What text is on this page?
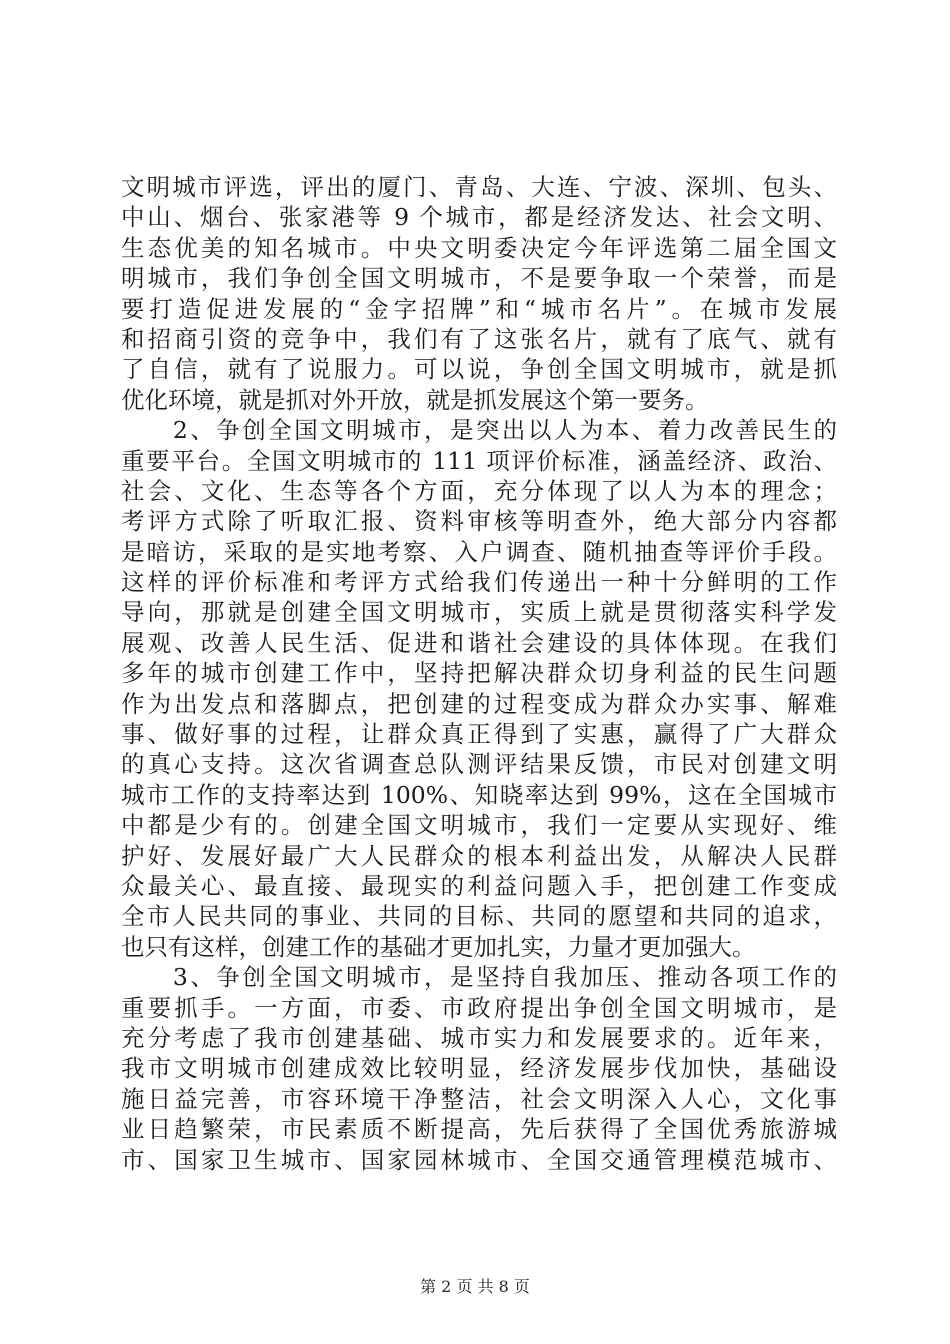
文明城市评选，评出的厦门、青岛、大连、宁波、深圳、包头、
中山、烟台、张家港等 9 个城市，都是经济发达、社会文明、
生态优美的知名城市。中央文明委决定今年评选第二届全国文
明城市，我们争创全国文明城市，不是要争取一个荣誉，而是
要打造促进发展的“金字招牌”和“城市名片”。在城市发展
和招商引资的竞争中，我们有了这张名片，就有了底气、就有
了自信，就有了说服力。可以说，争创全国文明城市，就是抓
优化环境，就是抓对外开放，就是抓发展这个第一要务。
　　2、争创全国文明城市，是突出以人为本、着力改善民生的
重要平台。全国文明城市的 111 项评价标准，涵盖经济、政治、
社会、文化、生态等各个方面，充分体现了以人为本的理念；
考评方式除了听取汇报、资料审核等明查外，绝大部分内容都
是暗访，采取的是实地考察、入户调查、随机抽查等评价手段。
这样的评价标准和考评方式给我们传递出一种十分鲜明的工作
导向，那就是创建全国文明城市，实质上就是贯彻落实科学发
展观、改善人民生活、促进和谐社会建设的具体体现。在我们
多年的城市创建工作中，坚持把解决群众切身利益的民生问题
作为出发点和落脚点，把创建的过程变成为群众办实事、解难
事、做好事的过程，让群众真正得到了实惠，赢得了广大群众
的真心支持。这次省调查总队测评结果反馈，市民对创建文明
城市工作的支持率达到 100%、知晓率达到 99%，这在全国城市
中都是少有的。创建全国文明城市，我们一定要从实现好、维
护好、发展好最广大人民群众的根本利益出发，从解决人民群
众最关心、最直接、最现实的利益问题入手，把创建工作变成
全市人民共同的事业、共同的目标、共同的愿望和共同的追求，
也只有这样，创建工作的基础才更加扎实，力量才更加强大。
　　3、争创全国文明城市，是坚持自我加压、推动各项工作的
重要抓手。一方面，市委、市政府提出争创全国文明城市，是
充分考虑了我市创建基础、城市实力和发展要求的。近年来，
我市文明城市创建成效比较明显，经济发展步伐加快，基础设
施日益完善，市容环境干净整洁，社会文明深入人心，文化事
业日趋繁荣，市民素质不断提高，先后获得了全国优秀旅游城
市、国家卫生城市、国家园林城市、全国交通管理模范城市、
第 2 页 共 8 页
